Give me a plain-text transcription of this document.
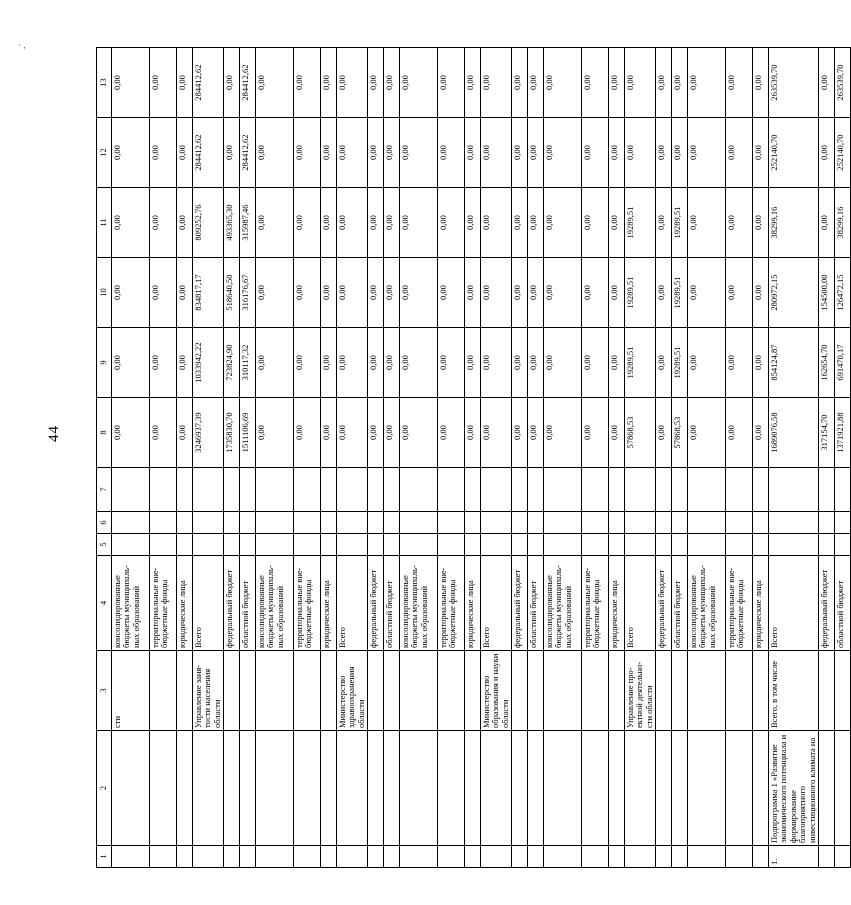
· ,
44
1	2	3	4	5	6	7	8	9	10	11	12	13
		сти	консолидированные бюджеты муниципаль-ных образований				0,00	0,00	0,00	0,00	0,00	0,00
			территориальные вне-бюджетные фонды				0,00	0,00	0,00	0,00	0,00	0,00
			юридические лица				0,00	0,00	0,00	0,00	0,00	0,00
		Управление заня-тости населения области	Всего				3246937,39	1033942,22	834817,17	809252,76	284412,62	284412,62
			федеральный бюджет				1735830,70	723824,90	518640,50	493365,30	0,00	0,00
			областной бюджет				1511106,69	310117,32	316176,67	315987,46	284412,62	284412,62
			консолидированные бюджеты муниципаль-ных образований				0,00	0,00	0,00	0,00	0,00	0,00
			территориальные вне-бюджетные фонды				0,00	0,00	0,00	0,00	0,00	0,00
			юридические лица				0,00	0,00	0,00	0,00	0,00	0,00
		Министерство здравоохранения области	Всего				0,00	0,00	0,00	0,00	0,00	0,00
			федеральный бюджет				0,00	0,00	0,00	0,00	0,00	0,00
			областной бюджет				0,00	0,00	0,00	0,00	0,00	0,00
			консолидированные бюджеты муниципаль-ных образований				0,00	0,00	0,00	0,00	0,00	0,00
			территориальные вне-бюджетные фонды				0,00	0,00	0,00	0,00	0,00	0,00
			юридические лица				0,00	0,00	0,00	0,00	0,00	0,00
		Министерство образования и науки области	Всего				0,00	0,00	0,00	0,00	0,00	0,00
			федеральный бюджет				0,00	0,00	0,00	0,00	0,00	0,00
			областной бюджет				0,00	0,00	0,00	0,00	0,00	0,00
			консолидированные бюджеты муниципаль-ных образований				0,00	0,00	0,00	0,00	0,00	0,00
			территориальные вне-бюджетные фонды				0,00	0,00	0,00	0,00	0,00	0,00
			юридические лица				0,00	0,00	0,00	0,00	0,00	0,00
		Управление про-ектной деятельно-сти области	Всего				57868,53	19289,51	19289,51	19289,51	0,00	0,00
			федеральный бюджет				0,00	0,00	0,00	0,00	0,00	0,00
			областной бюджет				57868,53	19289,51	19289,51	19289,51	0,00	0,00
			консолидированные бюджеты муниципаль-ных образований				0,00	0,00	0,00	0,00	0,00	0,00
			территориальные вне-бюджетные фонды				0,00	0,00	0,00	0,00	0,00	0,00
			юридические лица				0,00	0,00	0,00	0,00	0,00	0,00
1.	Подпрограмма 1 «Развитие экономического потенциала и формирование благоприятного инвестиционного климата на	Всего, в том числе	Всего				1689076,58	854124,87	280972,15	38299,16	252140,70	263539,70
			федеральный бюджет				317154,70	162654,70	154500,00	0,00	0,00	0,00
			областной бюджет				1371921,88	691470,17	126472,15	38299,16	252140,70	263539,70
